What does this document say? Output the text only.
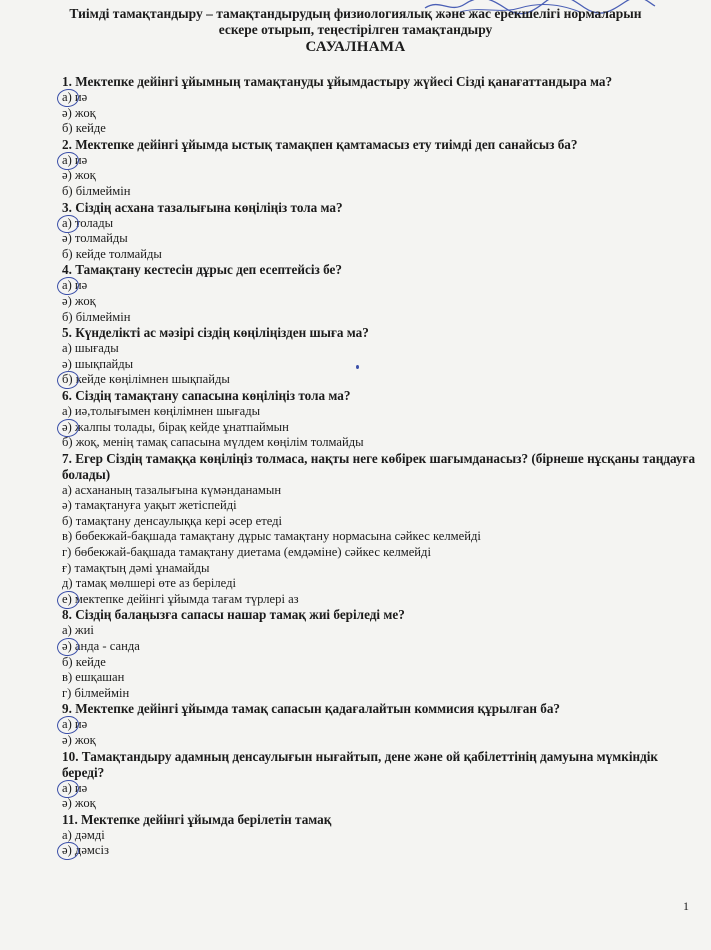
Тиімді тамақтандыру – тамақтандырудың физиологиялық және жас ерекшелігі нормаларын
ескере отырып, теңестірілген тамақтандыру
САУАЛНАМА
1. Мектепке дейінгі ұйымның тамақтануды ұйымдастыру жүйесі Сізді қанағаттандыра ма?
а) иә
ә) жоқ
б) кейде
2. Мектепке дейінгі ұйымда ыстық тамақпен қамтамасыз ету тиімді деп санайсыз ба?
а) иә
ә) жоқ
б) білмеймін
3. Сіздің асхана тазалығына көңіліңіз тола ма?
а) толады
ә) толмайды
б) кейде толмайды
4. Тамақтану кестесін дұрыс деп есептейсіз бе?
а) иә
ә) жоқ
б) білмеймін
5. Күнделікті ас мәзірі сіздің көңіліңізден шыға ма?
а) шығады
ә) шықпайды
б) кейде көңілімнен шықпайды
6. Сіздің тамақтану сапасына көңіліңіз тола ма?
а) иә,толығымен көңілімнен шығады
ә) жалпы толады, бірақ кейде ұнатпаймын
б) жоқ, менің тамақ сапасына мүлдем көңілім толмайды
7. Егер Сіздің тамаққа көңіліңіз толмаса, нақты неге көбірек шағымданасыз? (бірнеше нұсқаны таңдауға болады)
а) асхананың тазалығына күмәнданамын
ә) тамақтануға уақыт жетіспейді
б) тамақтану денсаулыққа кері әсер етеді
в) бөбекжай-бақшада тамақтану дұрыс тамақтану нормасына сәйкес келмейді
г) бөбекжай-бақшада тамақтану диетама (емдәміне) сәйкес келмейді
ғ) тамақтың дәмі ұнамайды
д) тамақ мөлшері өте аз беріледі
е) мектепке дейінгі ұйымда тағам түрлері аз
8. Сіздің балаңызға сапасы нашар тамақ жиі беріледі ме?
а) жиі
ә) анда - санда
б) кейде
в) ешқашан
г) білмеймін
9. Мектепке дейінгі ұйымда тамақ сапасын қадағалайтын коммисия құрылған ба?
а) иә
ә) жоқ
10. Тамақтандыру адамның денсаулығын нығайтып, дене және ой қабілеттінің дамуына мүмкіндік береді?
а) иә
ә) жоқ
11. Мектепке дейінгі ұйымда берілетін тамақ
а) дәмді
ә) дәмсіз
1
